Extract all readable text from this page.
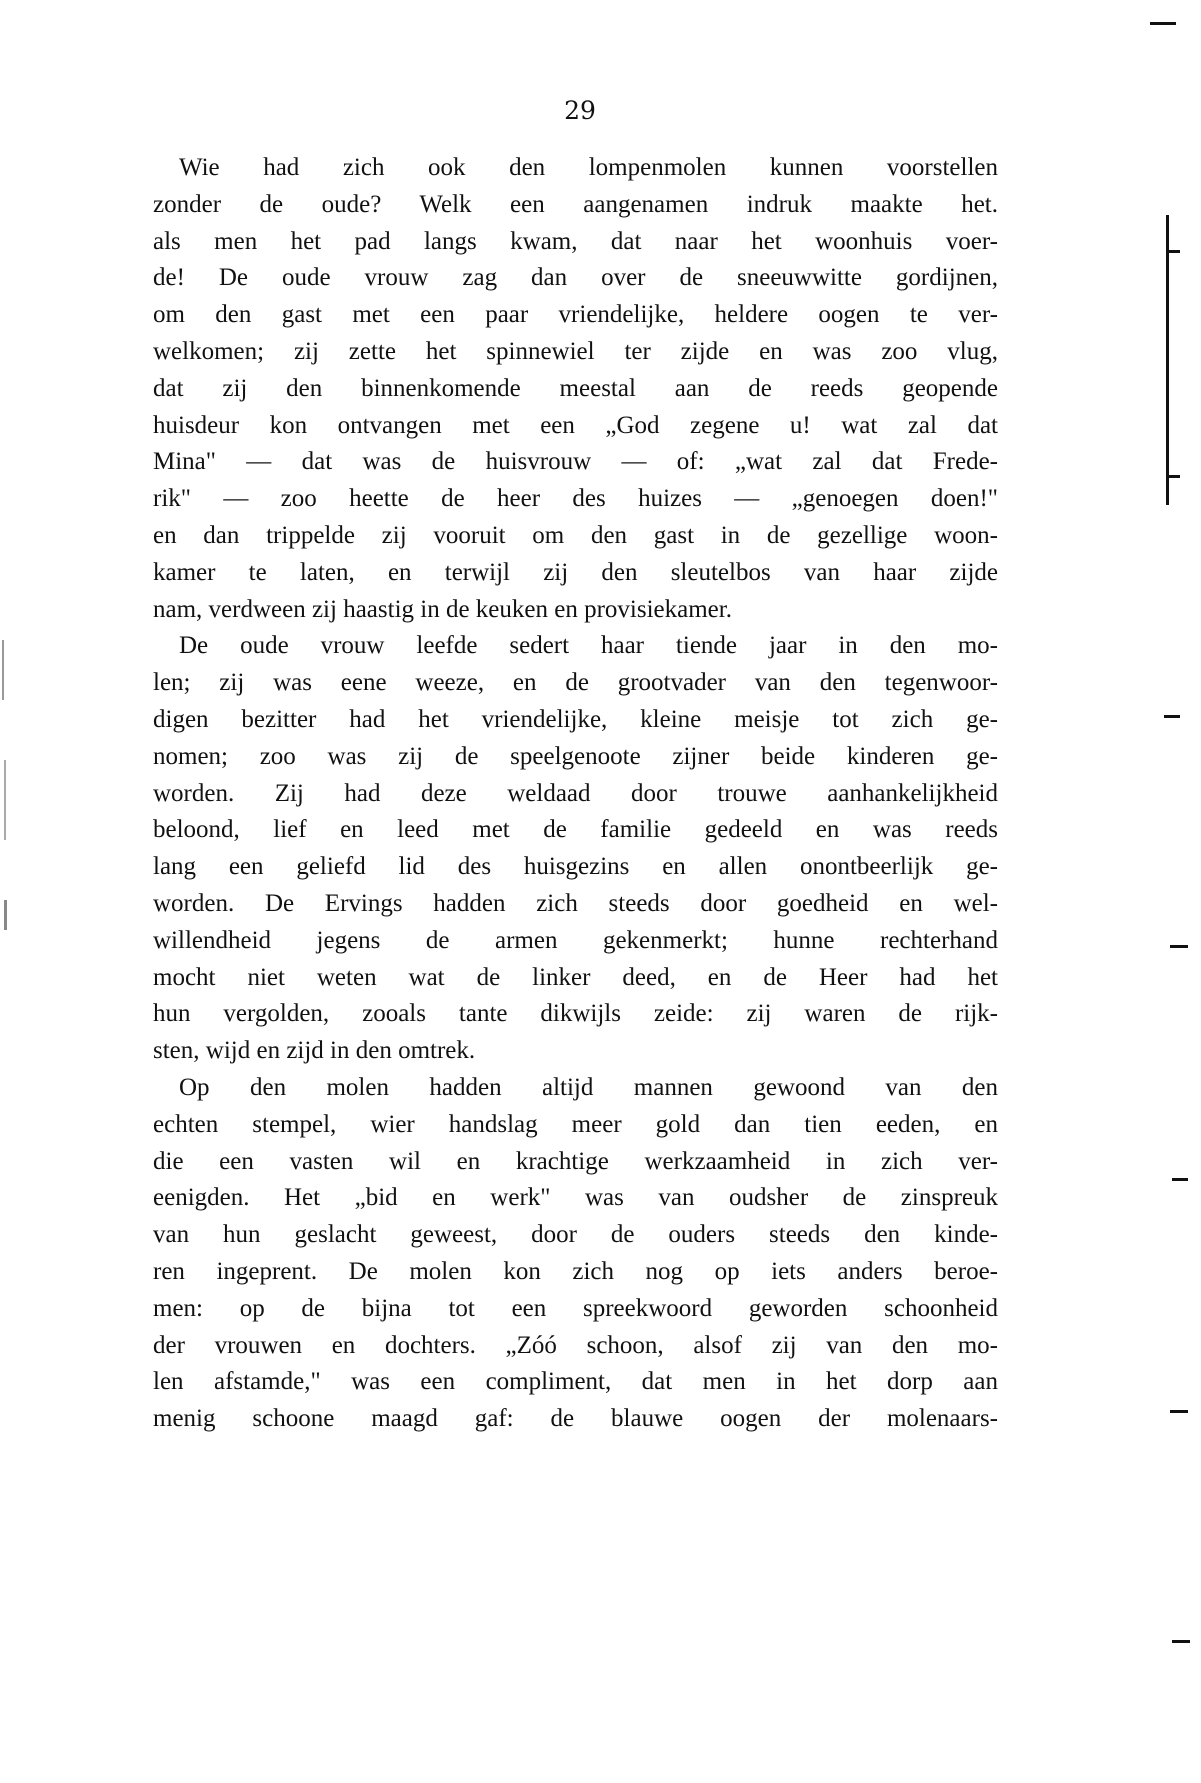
29
Wie had zich ook den lompenmolen kunnen voorstellen
zonder de oude? Welk een aangenamen indruk maakte het.
als men het pad langs kwam, dat naar het woonhuis voer-
de! De oude vrouw zag dan over de sneeuwwitte gordijnen,
om den gast met een paar vriendelijke, heldere oogen te ver-
welkomen; zij zette het spinnewiel ter zijde en was zoo vlug,
dat zij den binnenkomende meestal aan de reeds geopende
huisdeur kon ontvangen met een „God zegene u! wat zal dat
Mina" — dat was de huisvrouw — of: „wat zal dat Frede-
rik" — zoo heette de heer des huizes — „genoegen doen!"
en dan trippelde zij vooruit om den gast in de gezellige woon-
kamer te laten, en terwijl zij den sleutelbos van haar zijde
nam, verdween zij haastig in de keuken en provisiekamer.
De oude vrouw leefde sedert haar tiende jaar in den mo-
len; zij was eene weeze, en de grootvader van den tegenwoor-
digen bezitter had het vriendelijke, kleine meisje tot zich ge-
nomen; zoo was zij de speelgenoote zijner beide kinderen ge-
worden. Zij had deze weldaad door trouwe aanhankelijkheid
beloond, lief en leed met de familie gedeeld en was reeds
lang een geliefd lid des huisgezins en allen onontbeerlijk ge-
worden. De Ervings hadden zich steeds door goedheid en wel-
willendheid jegens de armen gekenmerkt; hunne rechterhand
mocht niet weten wat de linker deed, en de Heer had het
hun vergolden, zooals tante dikwijls zeide: zij waren de rijk-
sten, wijd en zijd in den omtrek.
Op den molen hadden altijd mannen gewoond van den
echten stempel, wier handslag meer gold dan tien eeden, en
die een vasten wil en krachtige werkzaamheid in zich ver-
eenigden. Het „bid en werk" was van oudsher de zinspreuk
van hun geslacht geweest, door de ouders steeds den kinde-
ren ingeprent. De molen kon zich nog op iets anders beroe-
men: op de bijna tot een spreekwoord geworden schoonheid
der vrouwen en dochters. „Zóó schoon, alsof zij van den mo-
len afstamde," was een compliment, dat men in het dorp aan
menig schoone maagd gaf: de blauwe oogen der molenaars-
